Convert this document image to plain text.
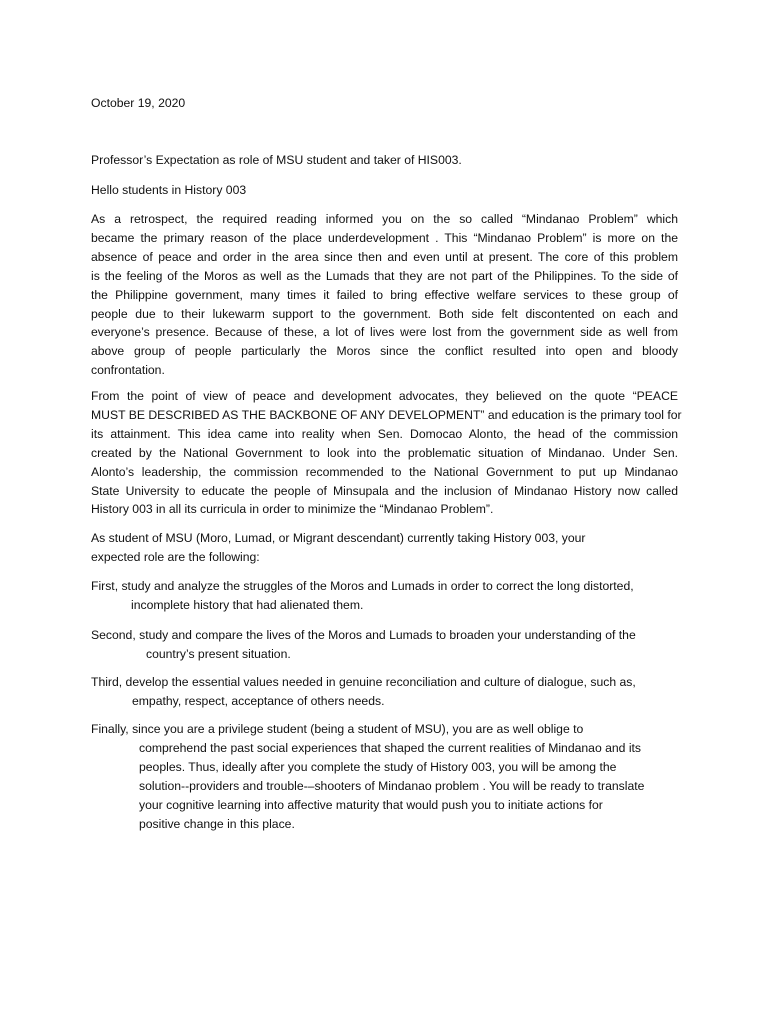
October 19, 2020

Professor’s Expectation as role of MSU student and taker of HIS003.

Hello students in History 003

As a retrospect, the required reading informed you on the so called “Mindanao Problem” which
became the primary reason of the place underdevelopment . This “Mindanao Problem” is more on the
absence of peace and order in the area since then and even until at present. The core of this problem
is the feeling of the Moros as well as the Lumads that they are not part of the Philippines. To the side of
the Philippine government, many times it failed to bring effective welfare services to these group of
people due to their lukewarm support to the government. Both side felt discontented on each and
everyone’s presence. Because of these, a lot of lives were lost from the government side as well from
above group of people particularly the Moros since the conflict resulted into open and bloody
confrontation.
From the point of view of peace and development advocates, they believed on the quote “PEACE
MUST BE DESCRIBED AS THE BACKBONE OF ANY DEVELOPMENT” and education is the primary tool for
its attainment. This idea came into reality when Sen. Domocao Alonto, the head of the commission
created by the National Government to look into the problematic situation of Mindanao. Under Sen.
Alonto’s leadership, the commission recommended to the National Government to put up Mindanao
State University to educate the people of Minsupala and the inclusion of Mindanao History now called
History 003 in all its curricula in order to minimize the “Mindanao Problem”.
As student of MSU (Moro, Lumad, or Migrant descendant) currently taking History 003, your
expected role are the following:
First, study and analyze the struggles of the Moros and Lumads in order to correct the long distorted,
incomplete history that had alienated them.
Second, study and compare the lives of the Moros and Lumads to broaden your understanding of the
country’s present situation.
Third, develop the essential values needed in genuine reconciliation and culture of dialogue, such as,
empathy, respect, acceptance of others needs.
Finally, since you are a privilege student (being a student of MSU), you are as well oblige to
comprehend the past social experiences that shaped the current realities of Mindanao and its
peoples. Thus, ideally after you complete the study of History 003, you will be among the
solution--providers and trouble-–shooters of Mindanao problem . You will be ready to translate
your cognitive learning into affective maturity that would push you to initiate actions for
positive change in this place.
